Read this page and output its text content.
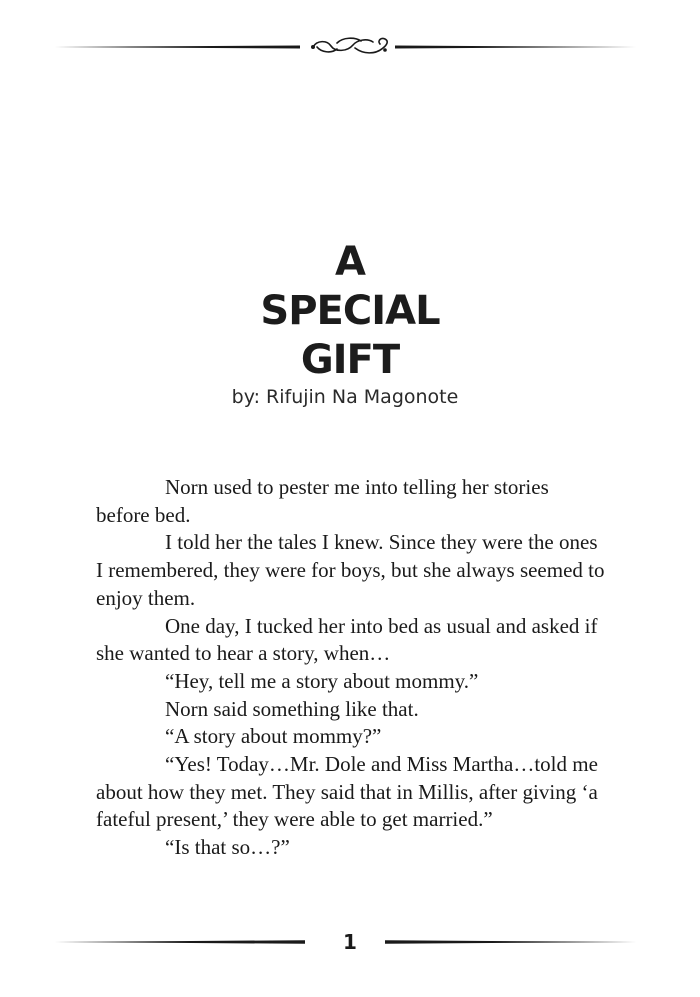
A
SPECIAL
GIFT
by: Rifujin Na Magonote

Norn used to pester me into telling her stories before bed.

I told her the tales I knew. Since they were the ones I remembered, they were for boys, but she always seemed to enjoy them.

One day, I tucked her into bed as usual and asked if she wanted to hear a story, when…

“Hey, tell me a story about mommy.”

Norn said something like that.

“A story about mommy?”

“Yes! Today…Mr. Dole and Miss Martha…told me about how they met. They said that in Millis, after giving ‘a fateful present,’ they were able to get married.”

“Is that so…?”

1
